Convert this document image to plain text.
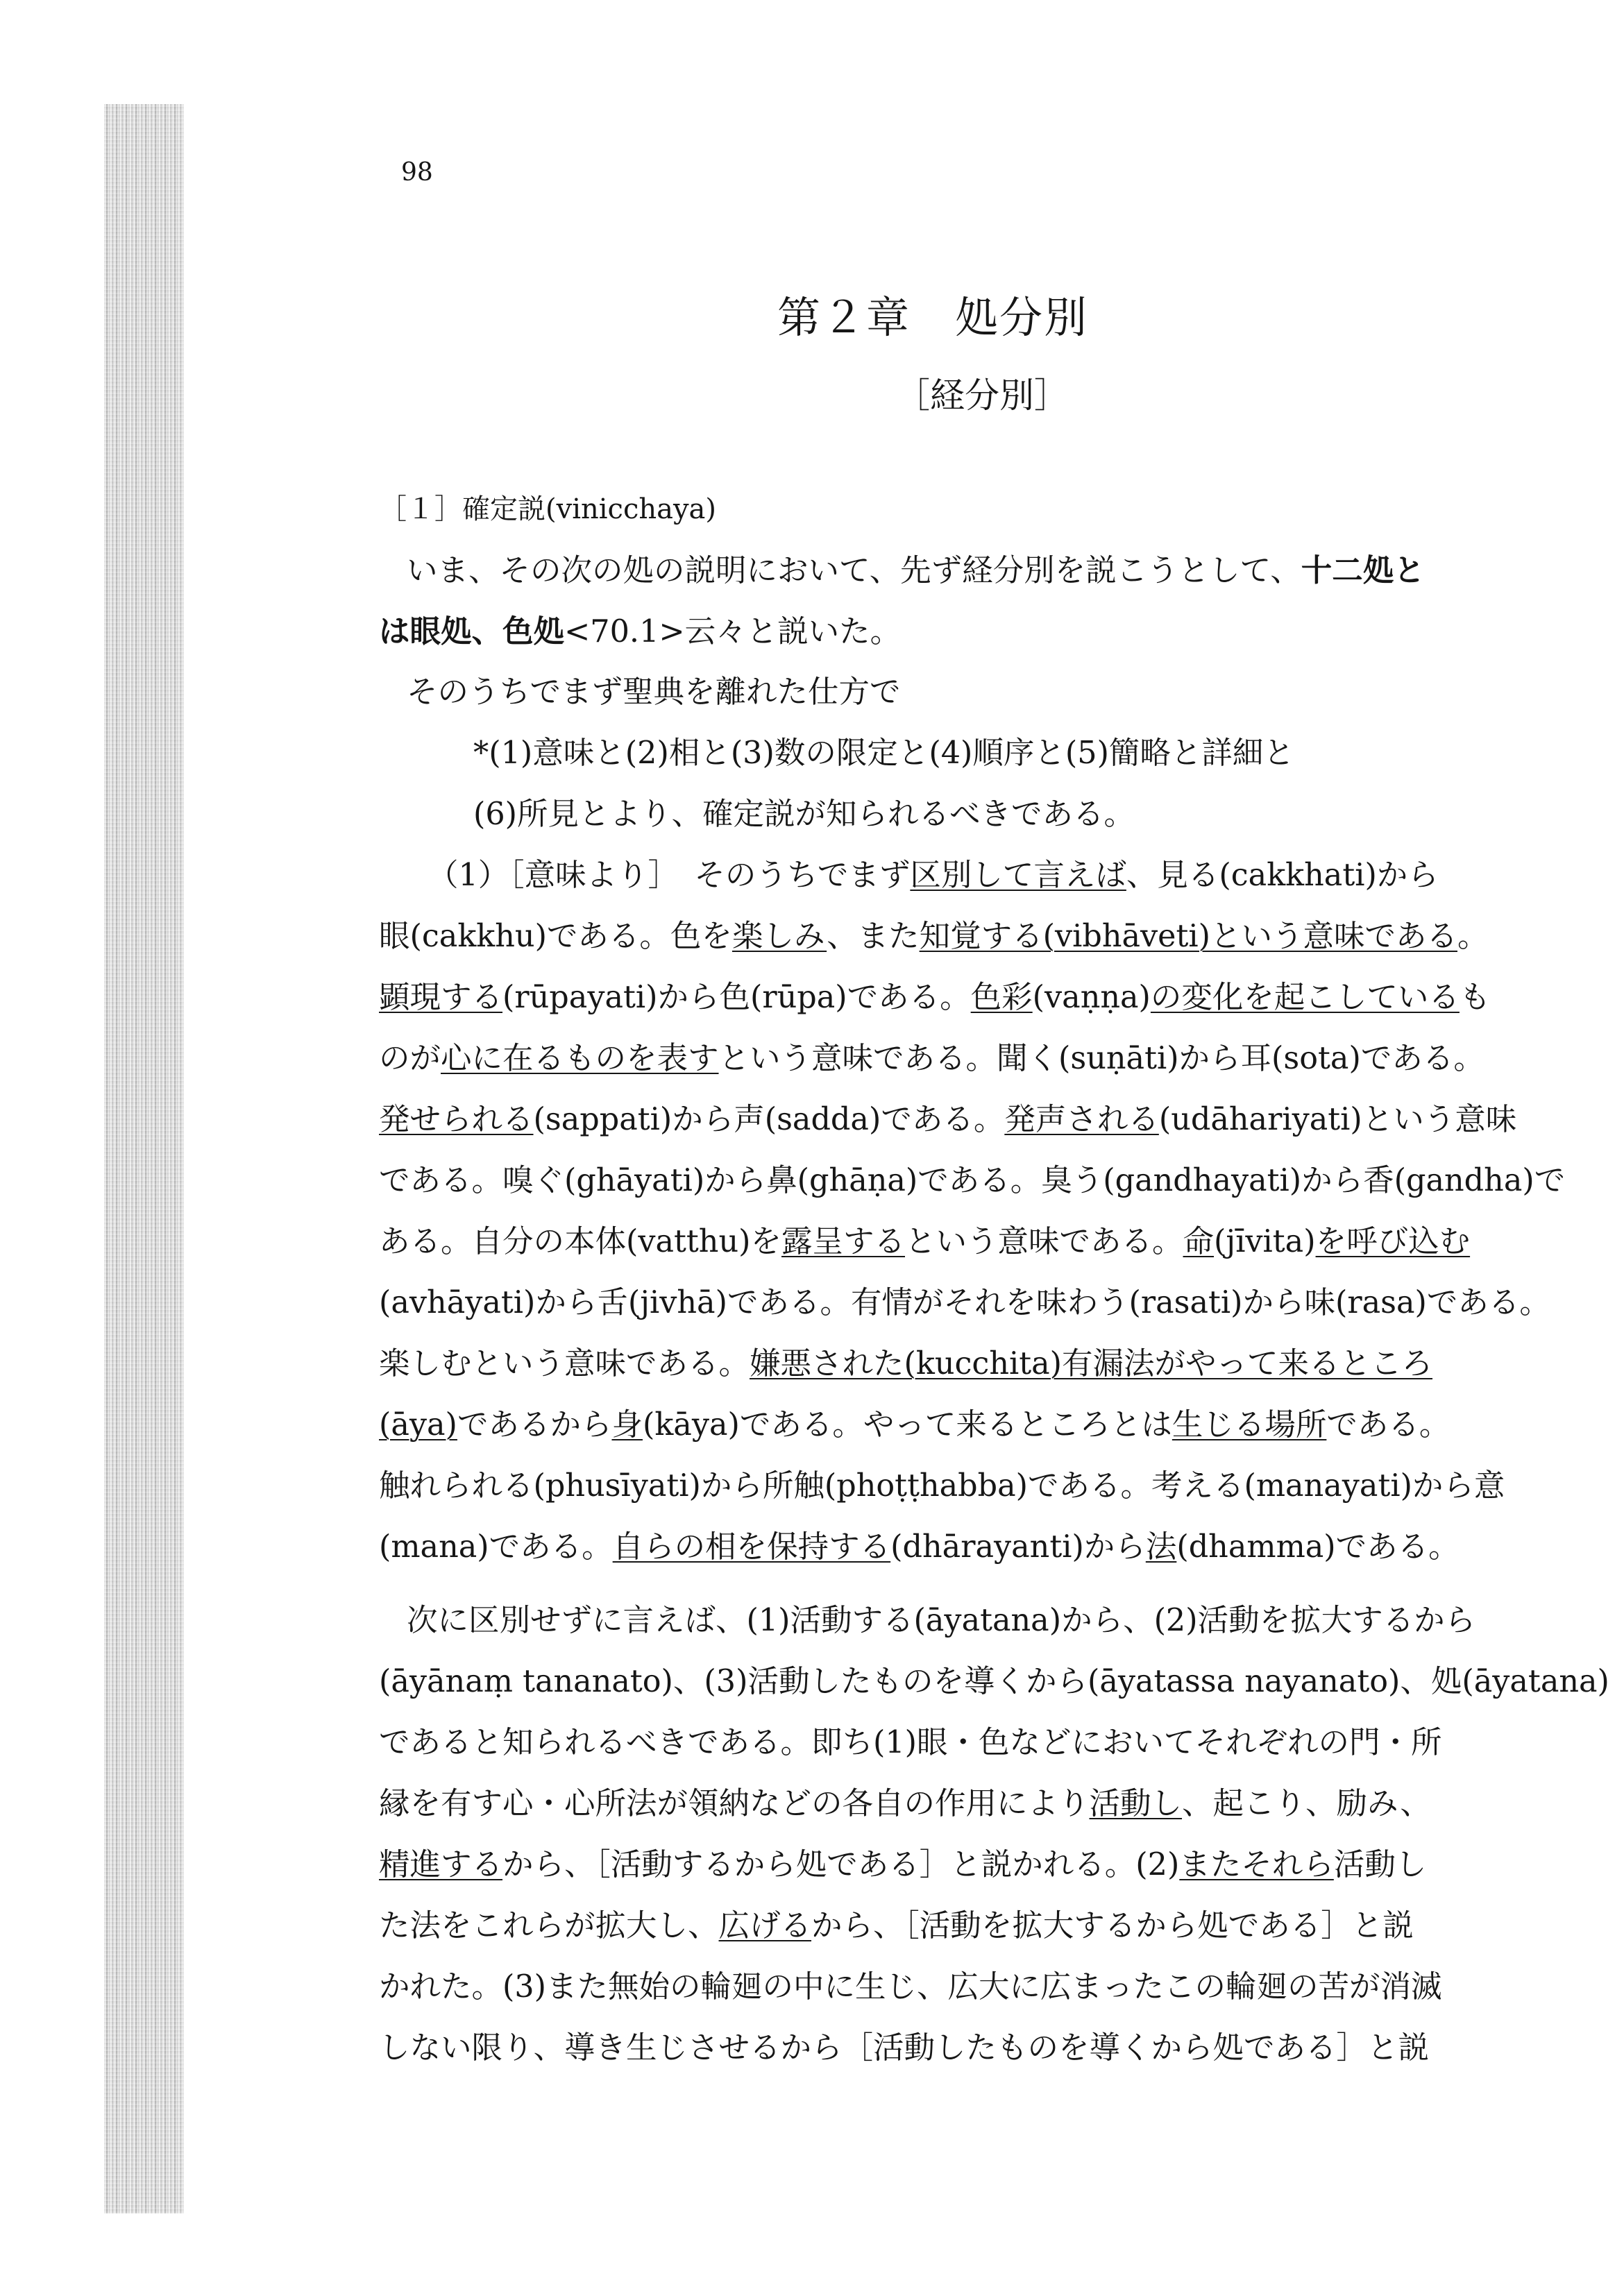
98
第２章　処分別
［経分別］
［１］確定説(vinicchaya)
いま、その次の処の説明において、先ず経分別を説こうとして、十二処と
は眼処、色処<70.1>云々と説いた。
そのうちでまず聖典を離れた仕方で
*(1)意味と(2)相と(3)数の限定と(4)順序と(5)簡略と詳細と
(6)所見とより、確定説が知られるべきである。
（1）［意味より］　そのうちでまず区別して言えば、見る(cakkhati)から
眼(cakkhu)である。色を楽しみ、また知覚する(vibhāveti)という意味である。
顕現する(rūpayati)から色(rūpa)である。色彩(vaṇṇa)の変化を起こしているも
のが心に在るものを表すという意味である。聞く(suṇāti)から耳(sota)である。
発せられる(sappati)から声(sadda)である。発声される(udāhariyati)という意味
である。嗅ぐ(ghāyati)から鼻(ghāṇa)である。臭う(gandhayati)から香(gandha)で
ある。自分の本体(vatthu)を露呈するという意味である。命(jīvita)を呼び込む
(avhāyati)から舌(jivhā)である。有情がそれを味わう(rasati)から味(rasa)である。
楽しむという意味である。嫌悪された(kucchita)有漏法がやって来るところ
(āya)であるから身(kāya)である。やって来るところとは生じる場所である。
触れられる(phusīyati)から所触(phoṭṭhabba)である。考える(manayati)から意
(mana)である。自らの相を保持する(dhārayanti)から法(dhamma)である。
次に区別せずに言えば、(1)活動する(āyatana)から、(2)活動を拡大するから
(āyānaṃ tananato)、(3)活動したものを導くから(āyatassa nayanato)、処(āyatana)
であると知られるべきである。即ち(1)眼・色などにおいてそれぞれの門・所
縁を有す心・心所法が領納などの各自の作用により活動し、起こり、励み、
精進するから、［活動するから処である］と説かれる。(2)またそれら活動し
た法をこれらが拡大し、広げるから、［活動を拡大するから処である］と説
かれた。(3)また無始の輪廻の中に生じ、広大に広まったこの輪廻の苦が消滅
しない限り、導き生じさせるから［活動したものを導くから処である］と説
